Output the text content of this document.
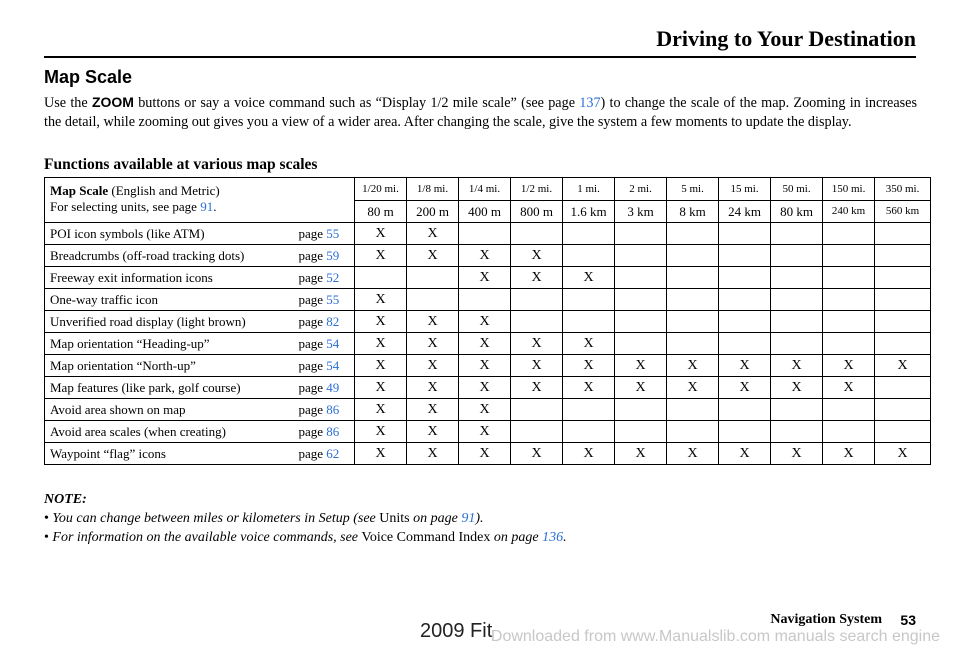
Driving to Your Destination
Map Scale
Use the ZOOM buttons or say a voice command such as “Display 1/2 mile scale” (see page 137) to change the scale of the map. Zooming in increases the detail, while zooming out gives you a view of a wider area. After changing the scale, give the system a few moments to update the display.
Functions available at various map scales
Map Scale (English and Metric)
For selecting units, see page 91.		1/20 mi.	1/8 mi.	1/4 mi.	1/2 mi.	1 mi.	2 mi.	5 mi.	15 mi.	50 mi.	150 mi.	350 mi.
		80 m	200 m	400 m	800 m	1.6 km	3 km	8 km	24 km	80 km	240 km	560 km
POI icon symbols (like ATM)	page 55	X	X									
Breadcrumbs (off-road tracking dots)	page 59	X	X	X	X							
Freeway exit information icons	page 52			X	X	X						
One-way traffic icon	page 55	X										
Unverified road display (light brown)	page 82	X	X	X								
Map orientation “Heading-up”	page 54	X	X	X	X	X						
Map orientation “North-up”	page 54	X	X	X	X	X	X	X	X	X	X	X
Map features (like park, golf course)	page 49	X	X	X	X	X	X	X	X	X	X	
Avoid area shown on map	page 86	X	X	X								
Avoid area scales (when creating)	page 86	X	X	X								
Waypoint “flag” icons	page 62	X	X	X	X	X	X	X	X	X	X	X
NOTE:
• You can change between miles or kilometers in Setup (see Units on page 91).
• For information on the available voice commands, see Voice Command Index on page 136.
Navigation System 53
2009 Fit
Downloaded from www.Manualslib.com manuals search engine
